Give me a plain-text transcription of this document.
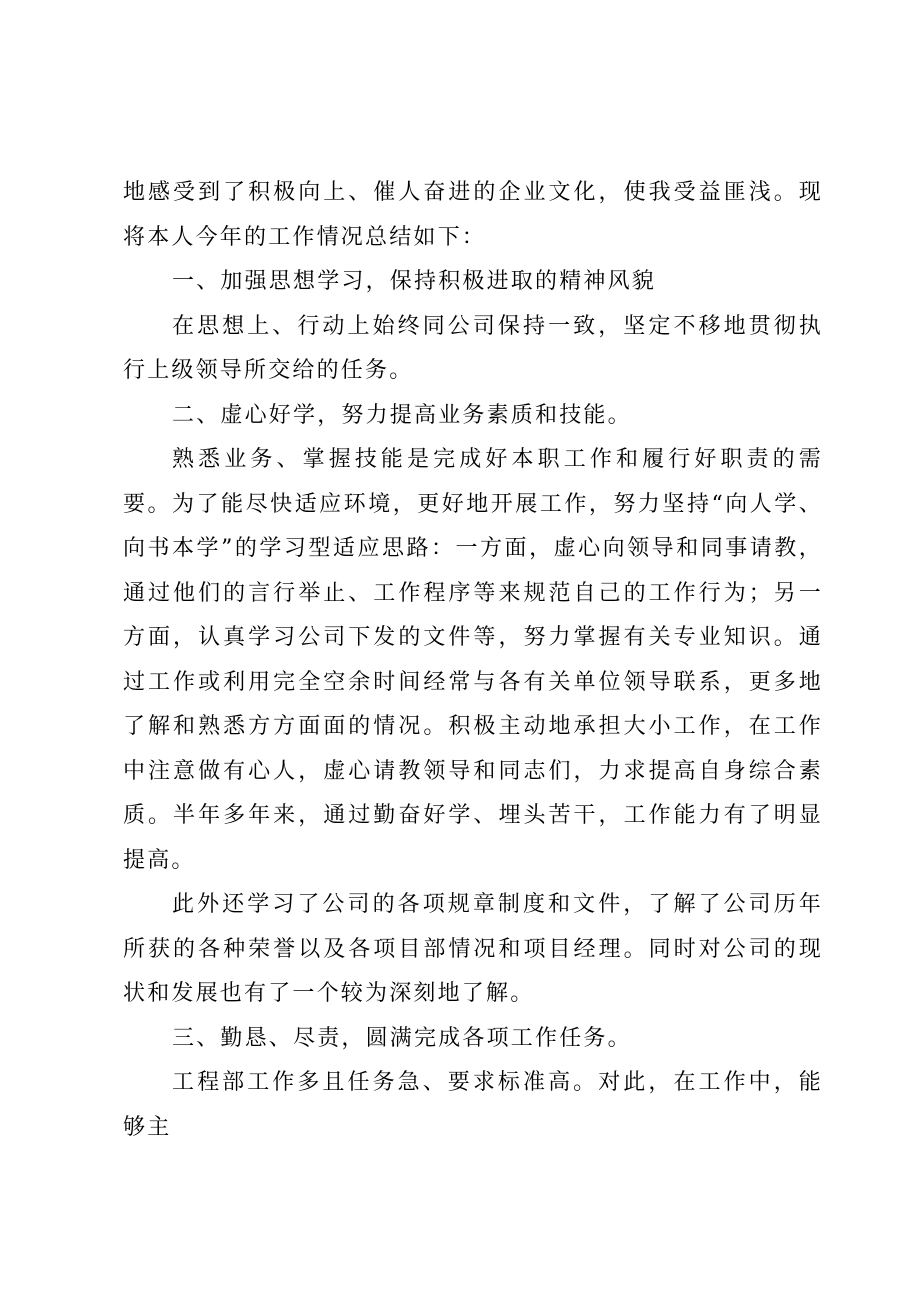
地感受到了积极向上、催人奋进的企业文化，使我受益匪浅。现将本人今年的工作情况总结如下：

一、加强思想学习，保持积极进取的精神风貌

在思想上、行动上始终同公司保持一致，坚定不移地贯彻执行上级领导所交给的任务。

二、虚心好学，努力提高业务素质和技能。

熟悉业务、掌握技能是完成好本职工作和履行好职责的需要。为了能尽快适应环境，更好地开展工作，努力坚持“向人学、向书本学”的学习型适应思路：一方面，虚心向领导和同事请教，通过他们的言行举止、工作程序等来规范自己的工作行为；另一方面，认真学习公司下发的文件等，努力掌握有关专业知识。通过工作或利用完全空余时间经常与各有关单位领导联系，更多地了解和熟悉方方面面的情况。积极主动地承担大小工作，在工作中注意做有心人，虚心请教领导和同志们，力求提高自身综合素质。半年多年来，通过勤奋好学、埋头苦干，工作能力有了明显提高。

此外还学习了公司的各项规章制度和文件，了解了公司历年所获的各种荣誉以及各项目部情况和项目经理。同时对公司的现状和发展也有了一个较为深刻地了解。

三、勤恳、尽责，圆满完成各项工作任务。

工程部工作多且任务急、要求标准高。对此，在工作中，能够主
